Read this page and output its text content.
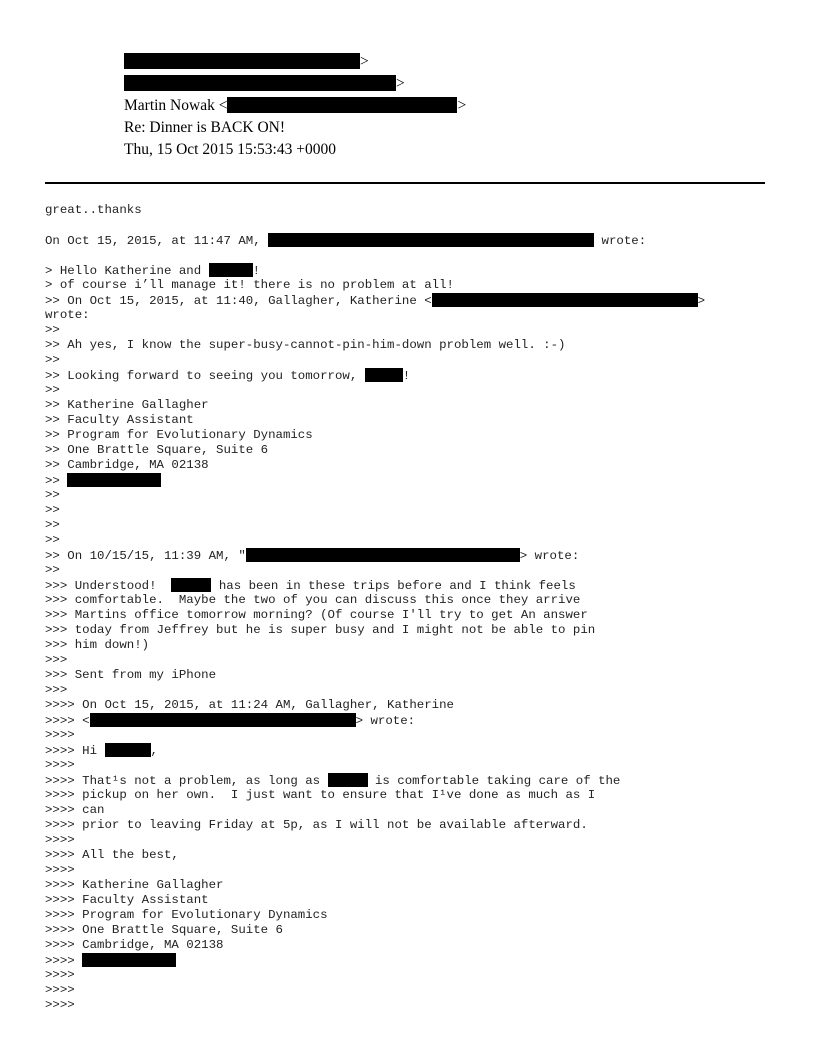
>
>
Martin Nowak <	>
Re: Dinner is BACK ON!
Thu, 15 Oct 2015 15:53:43 +0000
great..thanks
On Oct 15, 2015, at 11:47 AM,	wrote:
> Hello Katherine and	!
> of course i’ll manage it! there is no problem at all!
>> On Oct 15, 2015, at 11:40, Gallagher, Katherine <	>
wrote:
>>
>> Ah yes, I know the super-busy-cannot-pin-him-down problem well. :-)
>>
>> Looking forward to seeing you tomorrow,	!
>>
>> Katherine Gallagher
>> Faculty Assistant
>> Program for Evolutionary Dynamics
>> One Brattle Square, Suite 6
>> Cambridge, MA 02138
>>
>>
>>
>>
>>
>> On 10/15/15, 11:39 AM, "	> wrote:
>>
>>> Understood!	has been in these trips before and I think feels
>>> comfortable.  Maybe the two of you can discuss this once they arrive
>>> Martins office tomorrow morning? (Of course I'll try to get An answer
>>> today from Jeffrey but he is super busy and I might not be able to pin
>>> him down!)
>>>
>>> Sent from my iPhone
>>>
>>>> On Oct 15, 2015, at 11:24 AM, Gallagher, Katherine
>>>> <	> wrote:
>>>>
>>>> Hi	,
>>>>
>>>> That¹s not a problem, as long as	is comfortable taking care of the
>>>> pickup on her own.  I just want to ensure that I¹ve done as much as I
>>>> can
>>>> prior to leaving Friday at 5p, as I will not be available afterward.
>>>>
>>>> All the best,
>>>>
>>>> Katherine Gallagher
>>>> Faculty Assistant
>>>> Program for Evolutionary Dynamics
>>>> One Brattle Square, Suite 6
>>>> Cambridge, MA 02138
>>>>
>>>>
>>>>
>>>>
